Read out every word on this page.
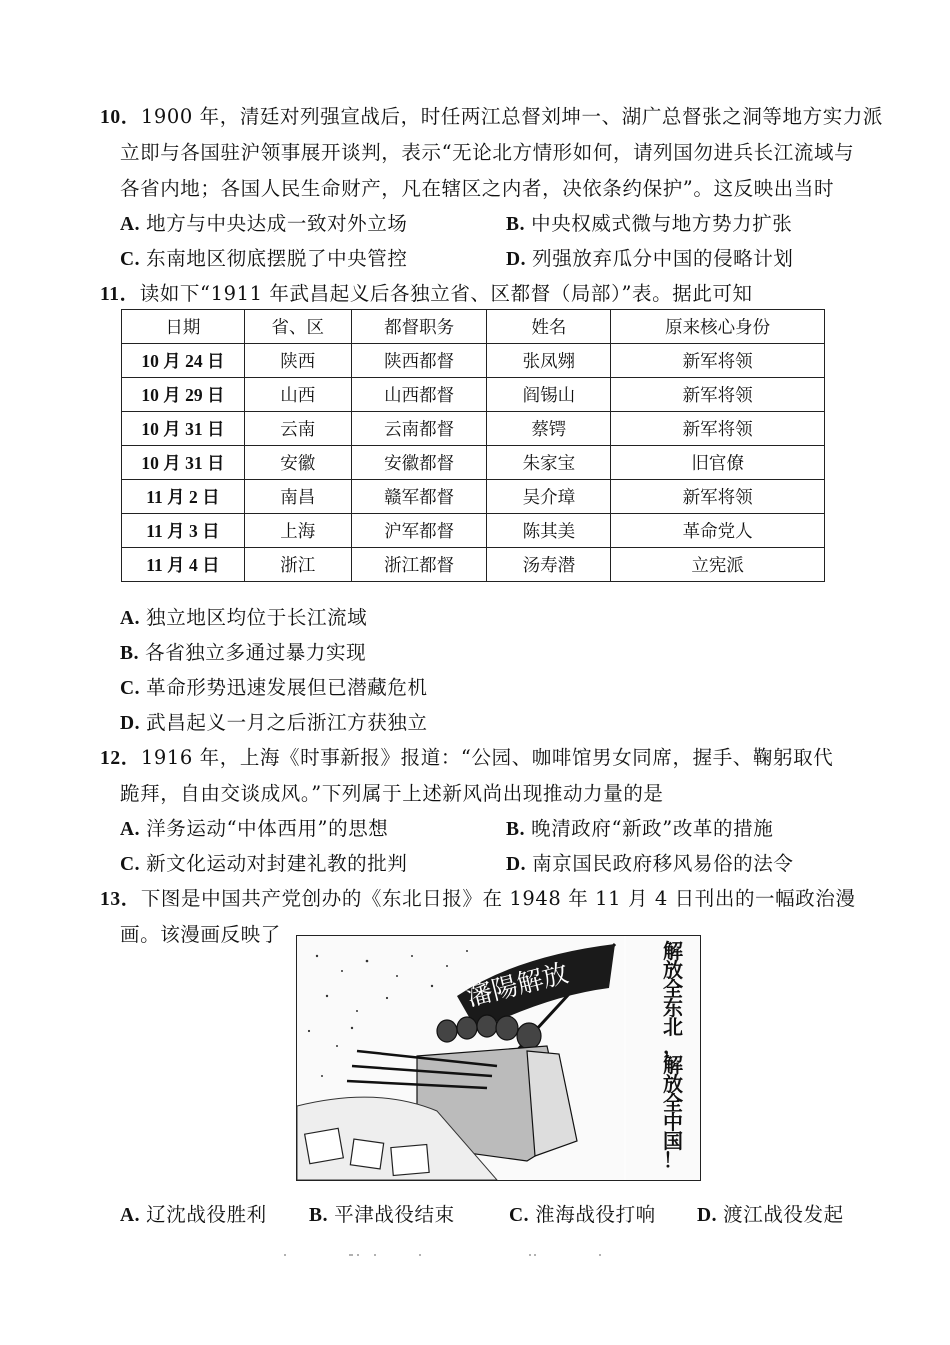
10．1900 年，清廷对列强宣战后，时任两江总督刘坤一、湖广总督张之洞等地方实力派
立即与各国驻沪领事展开谈判，表示“无论北方情形如何，请列国勿进兵长江流域与
各省内地；各国人民生命财产，凡在辖区之内者，决依条约保护”。这反映出当时
A. 地方与中央达成一致对外立场	B. 中央权威式微与地方势力扩张
C. 东南地区彻底摆脱了中央管控	D. 列强放弃瓜分中国的侵略计划
11．读如下“1911 年武昌起义后各独立省、区都督（局部）”表。据此可知
日期	省、区	都督职务	姓名	原来核心身份
10 月 24 日	陕西	陕西都督	张凤翙	新军将领
10 月 29 日	山西	山西都督	阎锡山	新军将领
10 月 31 日	云南	云南都督	蔡锷	新军将领
10 月 31 日	安徽	安徽都督	朱家宝	旧官僚
11 月 2 日	南昌	赣军都督	吴介璋	新军将领
11 月 3 日	上海	沪军都督	陈其美	革命党人
11 月 4 日	浙江	浙江都督	汤寿潜	立宪派
A. 独立地区均位于长江流域
B. 各省独立多通过暴力实现
C. 革命形势迅速发展但已潜藏危机
D. 武昌起义一月之后浙江方获独立
12．1916 年，上海《时事新报》报道：“公园、咖啡馆男女同席，握手、鞠躬取代
跪拜，自由交谈成风。”下列属于上述新风尚出现推动力量的是
A. 洋务运动“中体西用”的思想	B. 晚清政府“新政”改革的措施
C. 新文化运动对封建礼教的批判	D. 南京国民政府移风易俗的法令
13．下图是中国共产党创办的《东北日报》在 1948 年 11 月 4 日刊出的一幅政治漫
画。该漫画反映了
瀋陽解放
解
放
全
东
北
，
解
放
全
中
国
！
A. 辽沈战役胜利 B. 平津战役结束	C. 淮海战役打响 D. 渡江战役发起
